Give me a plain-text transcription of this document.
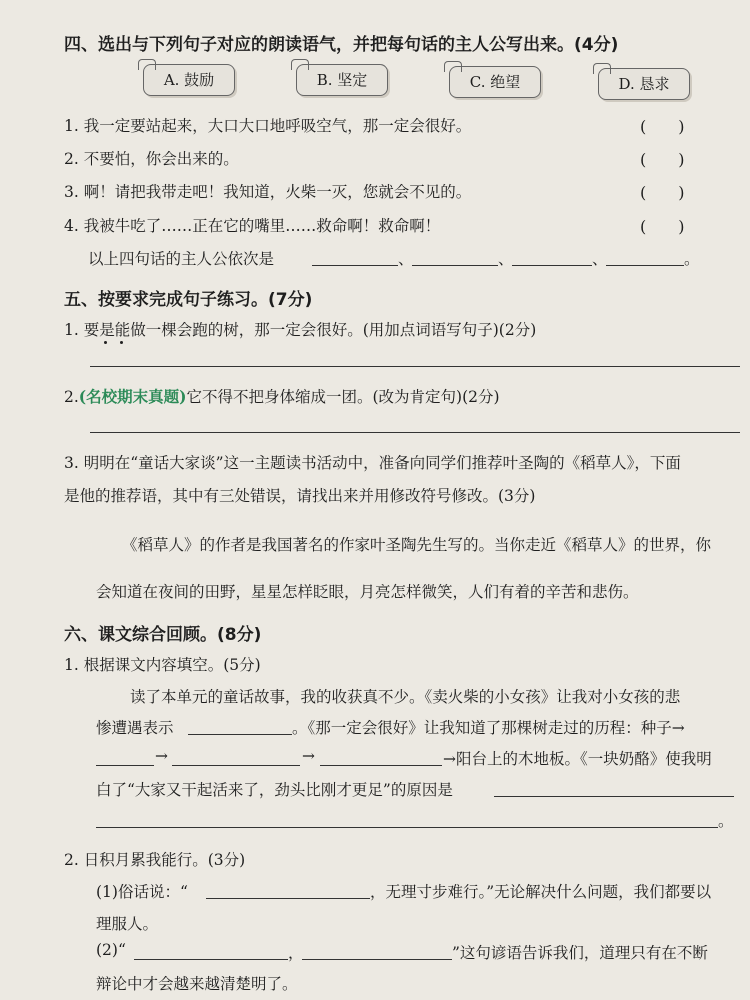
四、选出与下列句子对应的朗读语气，并把每句话的主人公写出来。(4分)
A. 鼓励	B. 坚定	C. 绝望	D. 恳求
1. 我一定要站起来，大口大口地呼吸空气，那一定会很好。	(　　)
2. 不要怕，你会出来的。	(　　)
3. 啊！请把我带走吧！我知道，火柴一灭，您就会不见的。	(　　)
4. 我被牛吃了……正在它的嘴里……救命啊！救命啊！	(　　)
以上四句话的主人公依次是	、	、	、	。
五、按要求完成句子练习。(7分)
1. 要是能做一棵会跑的树，那一定会很好。(用加点词语写句子)(2分)
2.(名校期末真题)它不得不把身体缩成一团。(改为肯定句)(2分)
3. 明明在“童话大家谈”这一主题读书活动中，准备向同学们推荐叶圣陶的《稻草人》，下面
是他的推荐语，其中有三处错误，请找出来并用修改符号修改。(3分)
《稻草人》的作者是我国著名的作家叶圣陶先生写的。当你走近《稻草人》的世界，你
会知道在夜间的田野，星星怎样眨眼，月亮怎样微笑，人们有着的辛苦和悲伤。
六、课文综合回顾。(8分)
1. 根据课文内容填空。(5分)
读了本单元的童话故事，我的收获真不少。《卖火柴的小女孩》让我对小女孩的悲
惨遭遇表示	。《那一定会很好》让我知道了那棵树走过的历程：种子→
→	→	→阳台上的木地板。《一块奶酪》使我明
白了“大家又干起活来了，劲头比刚才更足”的原因是
。
2. 日积月累我能行。(3分)
(1)俗话说：“	，无理寸步难行。”无论解决什么问题，我们都要以
理服人。
(2)“	，	”这句谚语告诉我们，道理只有在不断
辩论中才会越来越清楚明了。
